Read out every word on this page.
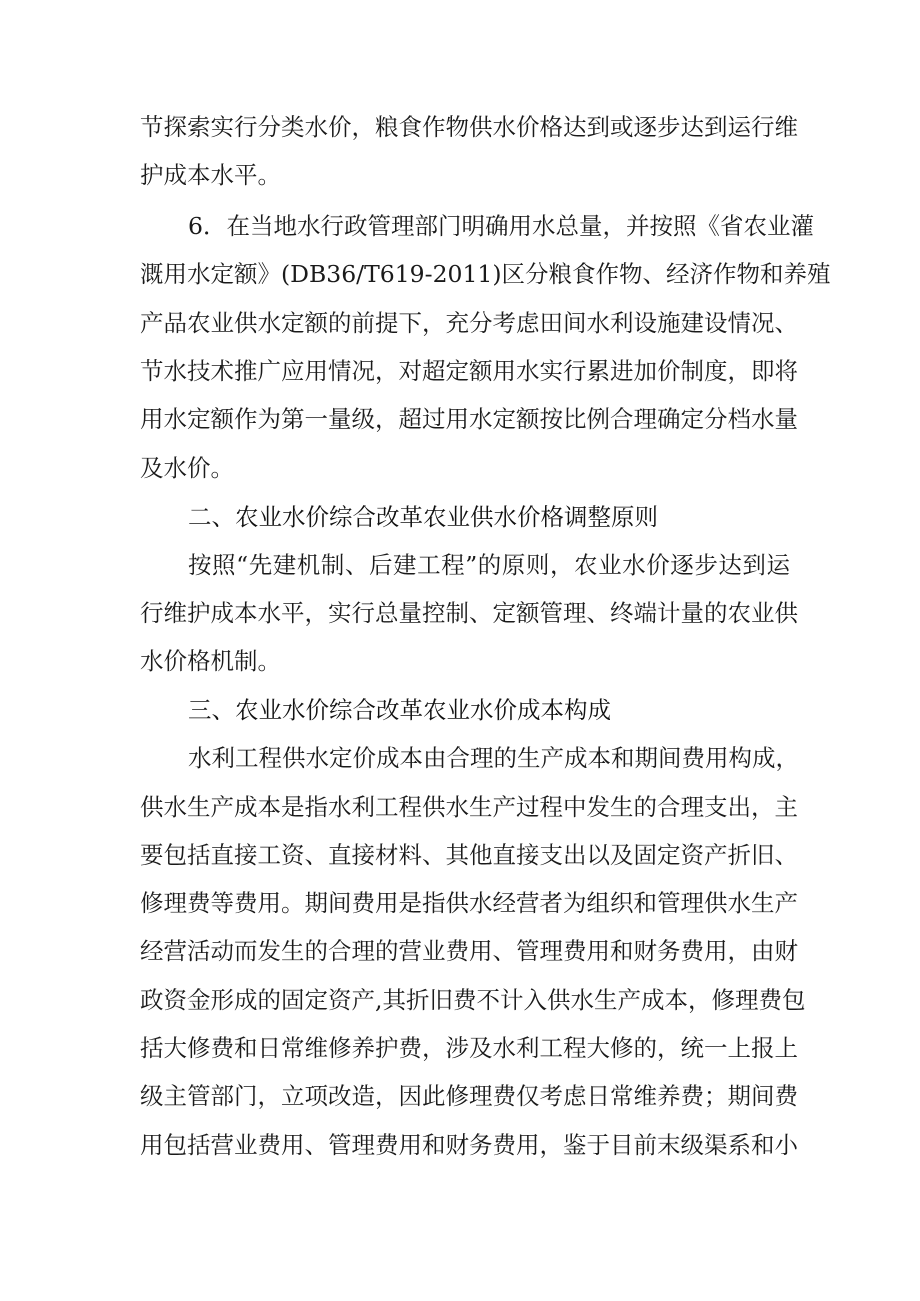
节探索实行分类水价，粮食作物供水价格达到或逐步达到运行维
护成本水平。
6．在当地水行政管理部门明确用水总量，并按照《省农业灌
溉用水定额》(DB36/T619-2011)区分粮食作物、经济作物和养殖
产品农业供水定额的前提下，充分考虑田间水利设施建设情况、
节水技术推广应用情况，对超定额用水实行累进加价制度，即将
用水定额作为第一量级，超过用水定额按比例合理确定分档水量
及水价。
二、农业水价综合改革农业供水价格调整原则
按照“先建机制、后建工程”的原则，农业水价逐步达到运
行维护成本水平，实行总量控制、定额管理、终端计量的农业供
水价格机制。
三、农业水价综合改革农业水价成本构成
水利工程供水定价成本由合理的生产成本和期间费用构成，
供水生产成本是指水利工程供水生产过程中发生的合理支出，主
要包括直接工资、直接材料、其他直接支出以及固定资产折旧、
修理费等费用。期间费用是指供水经营者为组织和管理供水生产
经营活动而发生的合理的营业费用、管理费用和财务费用，由财
政资金形成的固定资产,其折旧费不计入供水生产成本，修理费包
括大修费和日常维修养护费，涉及水利工程大修的，统一上报上
级主管部门，立项改造，因此修理费仅考虑日常维养费；期间费
用包括营业费用、管理费用和财务费用，鉴于目前末级渠系和小
